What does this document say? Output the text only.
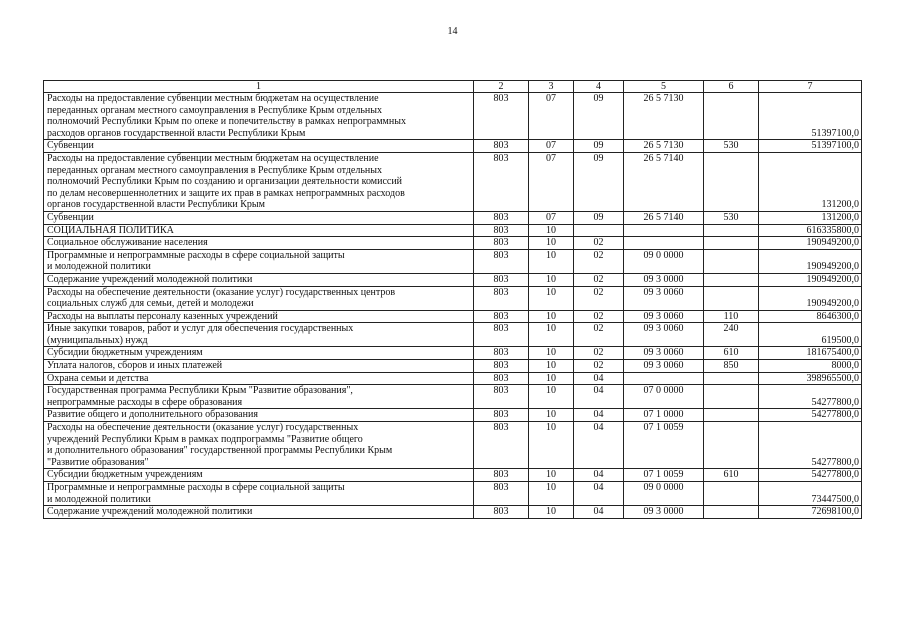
14
1	2	3	4	5	6	7
Расходы на предоставление субвенции местным бюджетам на осуществление
переданных органам местного самоуправления в Республике Крым отдельных
полномочий Республики Крым по опеке и попечительству в рамках непрограммных
расходов органов государственной власти Республики Крым	803	07	09	26 5 7130		51397100,0
Субвенции	803	07	09	26 5 7130	530	51397100,0
Расходы на предоставление субвенции местным бюджетам на осуществление
переданных органам местного самоуправления в Республике Крым отдельных
полномочий Республики Крым по созданию и организации деятельности комиссий
по делам несовершеннолетних и защите их прав в рамках непрограммных расходов
органов государственной власти Республики Крым	803	07	09	26 5 7140		131200,0
Субвенции	803	07	09	26 5 7140	530	131200,0
СОЦИАЛЬНАЯ ПОЛИТИКА	803	10				616335800,0
Социальное обслуживание населения	803	10	02			190949200,0
Программные и непрограммные расходы в сфере социальной защиты
и молодежной политики	803	10	02	09 0 0000		190949200,0
Содержание учреждений молодежной политики	803	10	02	09 3 0000		190949200,0
Расходы на обеспечение деятельности (оказание услуг) государственных центров
социальных служб для семьи, детей и молодежи	803	10	02	09 3 0060		190949200,0
Расходы на выплаты персоналу казенных учреждений	803	10	02	09 3 0060	110	8646300,0
Иные закупки товаров, работ и услуг для обеспечения государственных
(муниципальных) нужд	803	10	02	09 3 0060	240	619500,0
Субсидии бюджетным учреждениям	803	10	02	09 3 0060	610	181675400,0
Уплата налогов, сборов и иных платежей	803	10	02	09 3 0060	850	8000,0
Охрана семьи и детства	803	10	04			398965500,0
Государственная программа Республики Крым "Развитие образования",
непрограммные расходы в сфере образования	803	10	04	07 0 0000		54277800,0
Развитие общего и дополнительного образования	803	10	04	07 1 0000		54277800,0
Расходы на обеспечение деятельности (оказание услуг) государственных
учреждений Республики Крым в рамках подпрограммы "Развитие общего
и дополнительного образования" государственной программы Республики Крым
"Развитие образования"	803	10	04	07 1 0059		54277800,0
Субсидии бюджетным учреждениям	803	10	04	07 1 0059	610	54277800,0
Программные и непрограммные расходы в сфере социальной защиты
и молодежной политики	803	10	04	09 0 0000		73447500,0
Содержание учреждений молодежной политики	803	10	04	09 3 0000		72698100,0
